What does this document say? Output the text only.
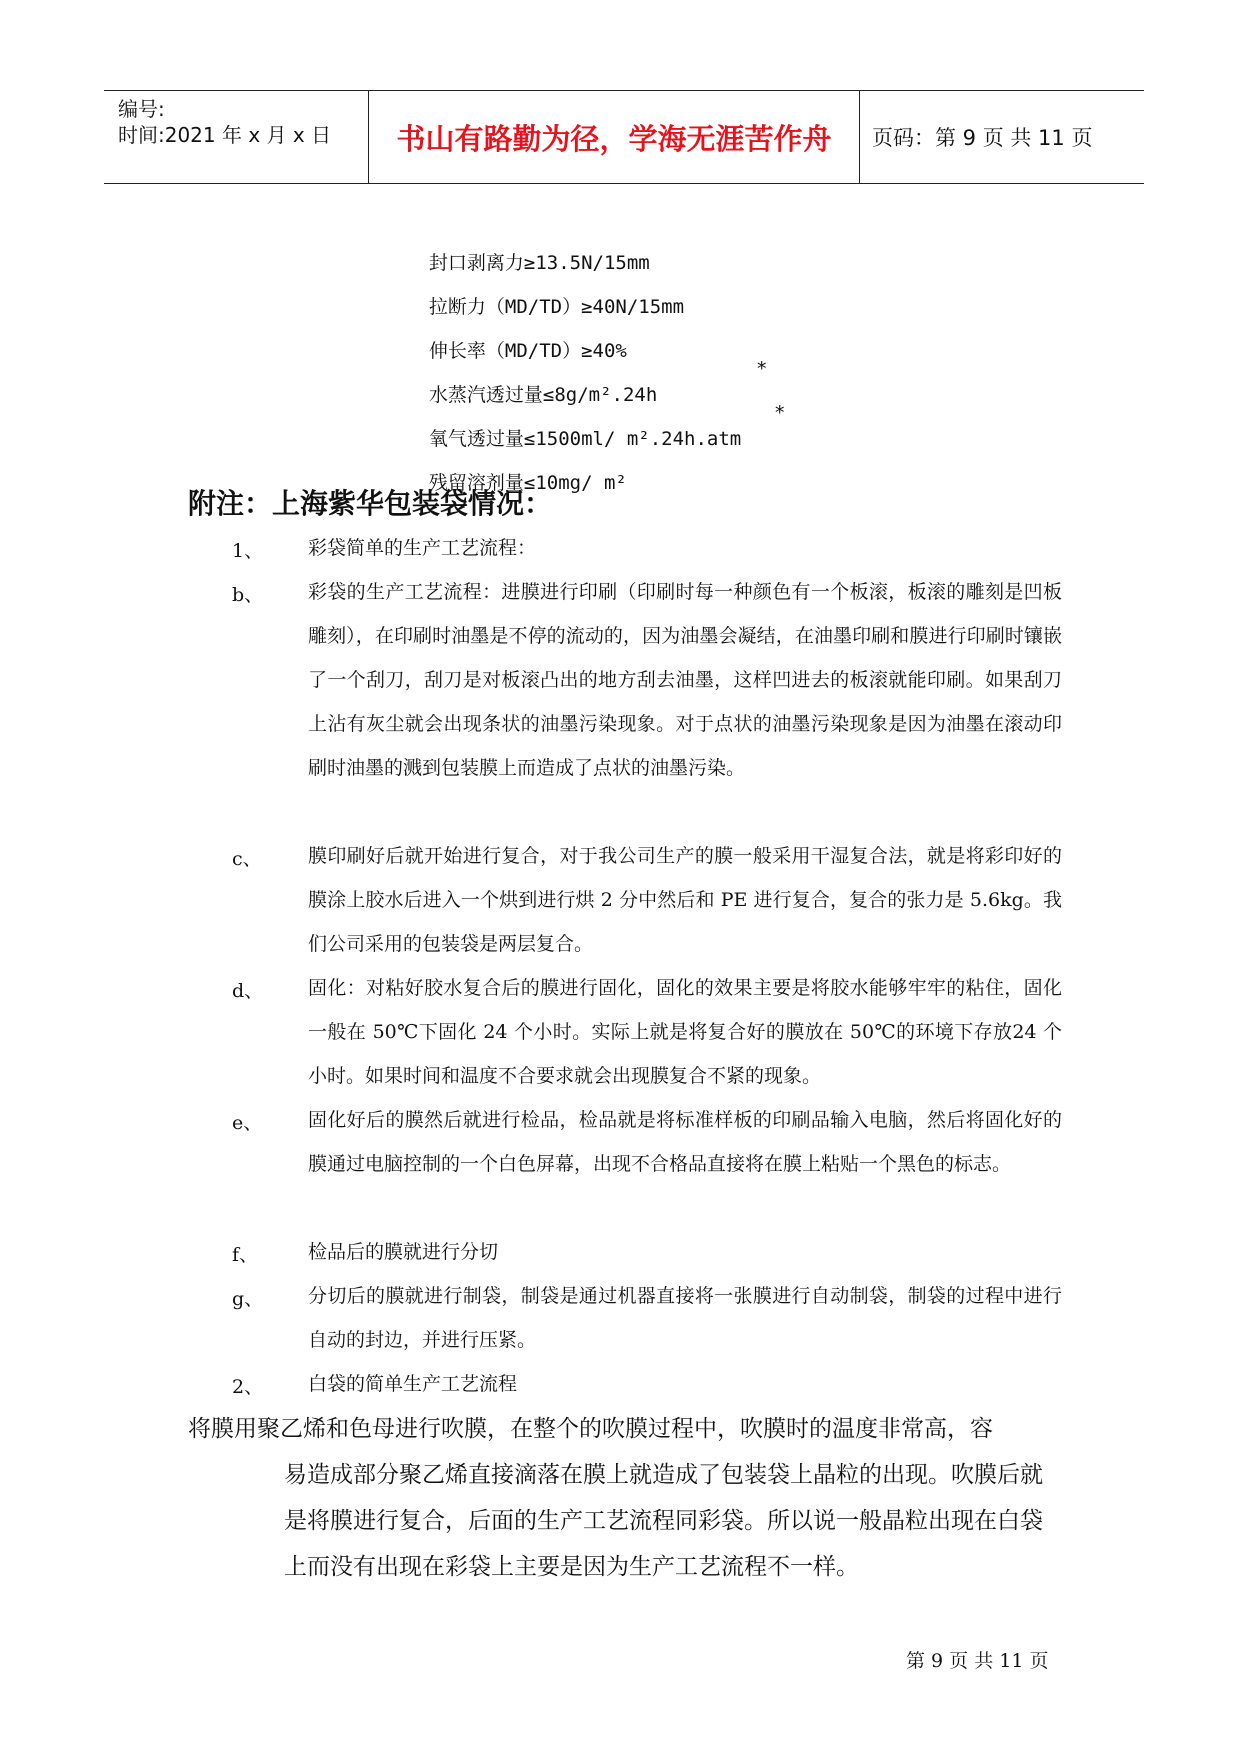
编号:
时间:2021 年 x 月 x 日	书山有路勤为径，学海无涯苦作舟	页码：第 9 页 共 11 页

封口剥离力≥13.5N/15mm

拉断力（MD/TD）≥40N/15mm

伸长率（MD/TD）≥40%

水蒸汽透过量≤8g/m².24h

*

氧气透过量≤1500ml/ m².24h.atm

*

残留溶剂量≤10mg/ m²

附注：上海紫华包装袋情况：
1、 彩袋简单的生产工艺流程：
b、 彩袋的生产工艺流程：进膜进行印刷（印刷时每一种颜色有一个板滚，板滚的雕刻是凹板雕刻），在印刷时油墨是不停的流动的，因为油墨会凝结，在油墨印刷和膜进行印刷时镶嵌了一个刮刀，刮刀是对板滚凸出的地方刮去油墨，这样凹进去的板滚就能印刷。如果刮刀上沾有灰尘就会出现条状的油墨污染现象。对于点状的油墨污染现象是因为油墨在滚动印刷时油墨的溅到包装膜上而造成了点状的油墨污染。
c、 膜印刷好后就开始进行复合，对于我公司生产的膜一般采用干湿复合法，就是将彩印好的膜涂上胶水后进入一个烘到进行烘 2 分中然后和 PE 进行复合，复合的张力是 5.6kg。我们公司采用的包装袋是两层复合。
d、 固化：对粘好胶水复合后的膜进行固化，固化的效果主要是将胶水能够牢牢的粘住，固化一般在 50℃下固化 24 个小时。实际上就是将复合好的膜放在 50℃的环境下存放24 个小时。如果时间和温度不合要求就会出现膜复合不紧的现象。
e、 固化好后的膜然后就进行检品，检品就是将标准样板的印刷品输入电脑，然后将固化好的膜通过电脑控制的一个白色屏幕，出现不合格品直接将在膜上粘贴一个黑色的标志。
f、	检品后的膜就进行分切
g、 分切后的膜就进行制袋，制袋是通过机器直接将一张膜进行自动制袋，制袋的过程中进行自动的封边，并进行压紧。
2、 白袋的简单生产工艺流程
将膜用聚乙烯和色母进行吹膜，在整个的吹膜过程中，吹膜时的温度非常高，容
易造成部分聚乙烯直接滴落在膜上就造成了包装袋上晶粒的出现。吹膜后就是将膜进行复合，后面的生产工艺流程同彩袋。所以说一般晶粒出现在白袋上而没有出现在彩袋上主要是因为生产工艺流程不一样。
第 9 页 共 11 页
